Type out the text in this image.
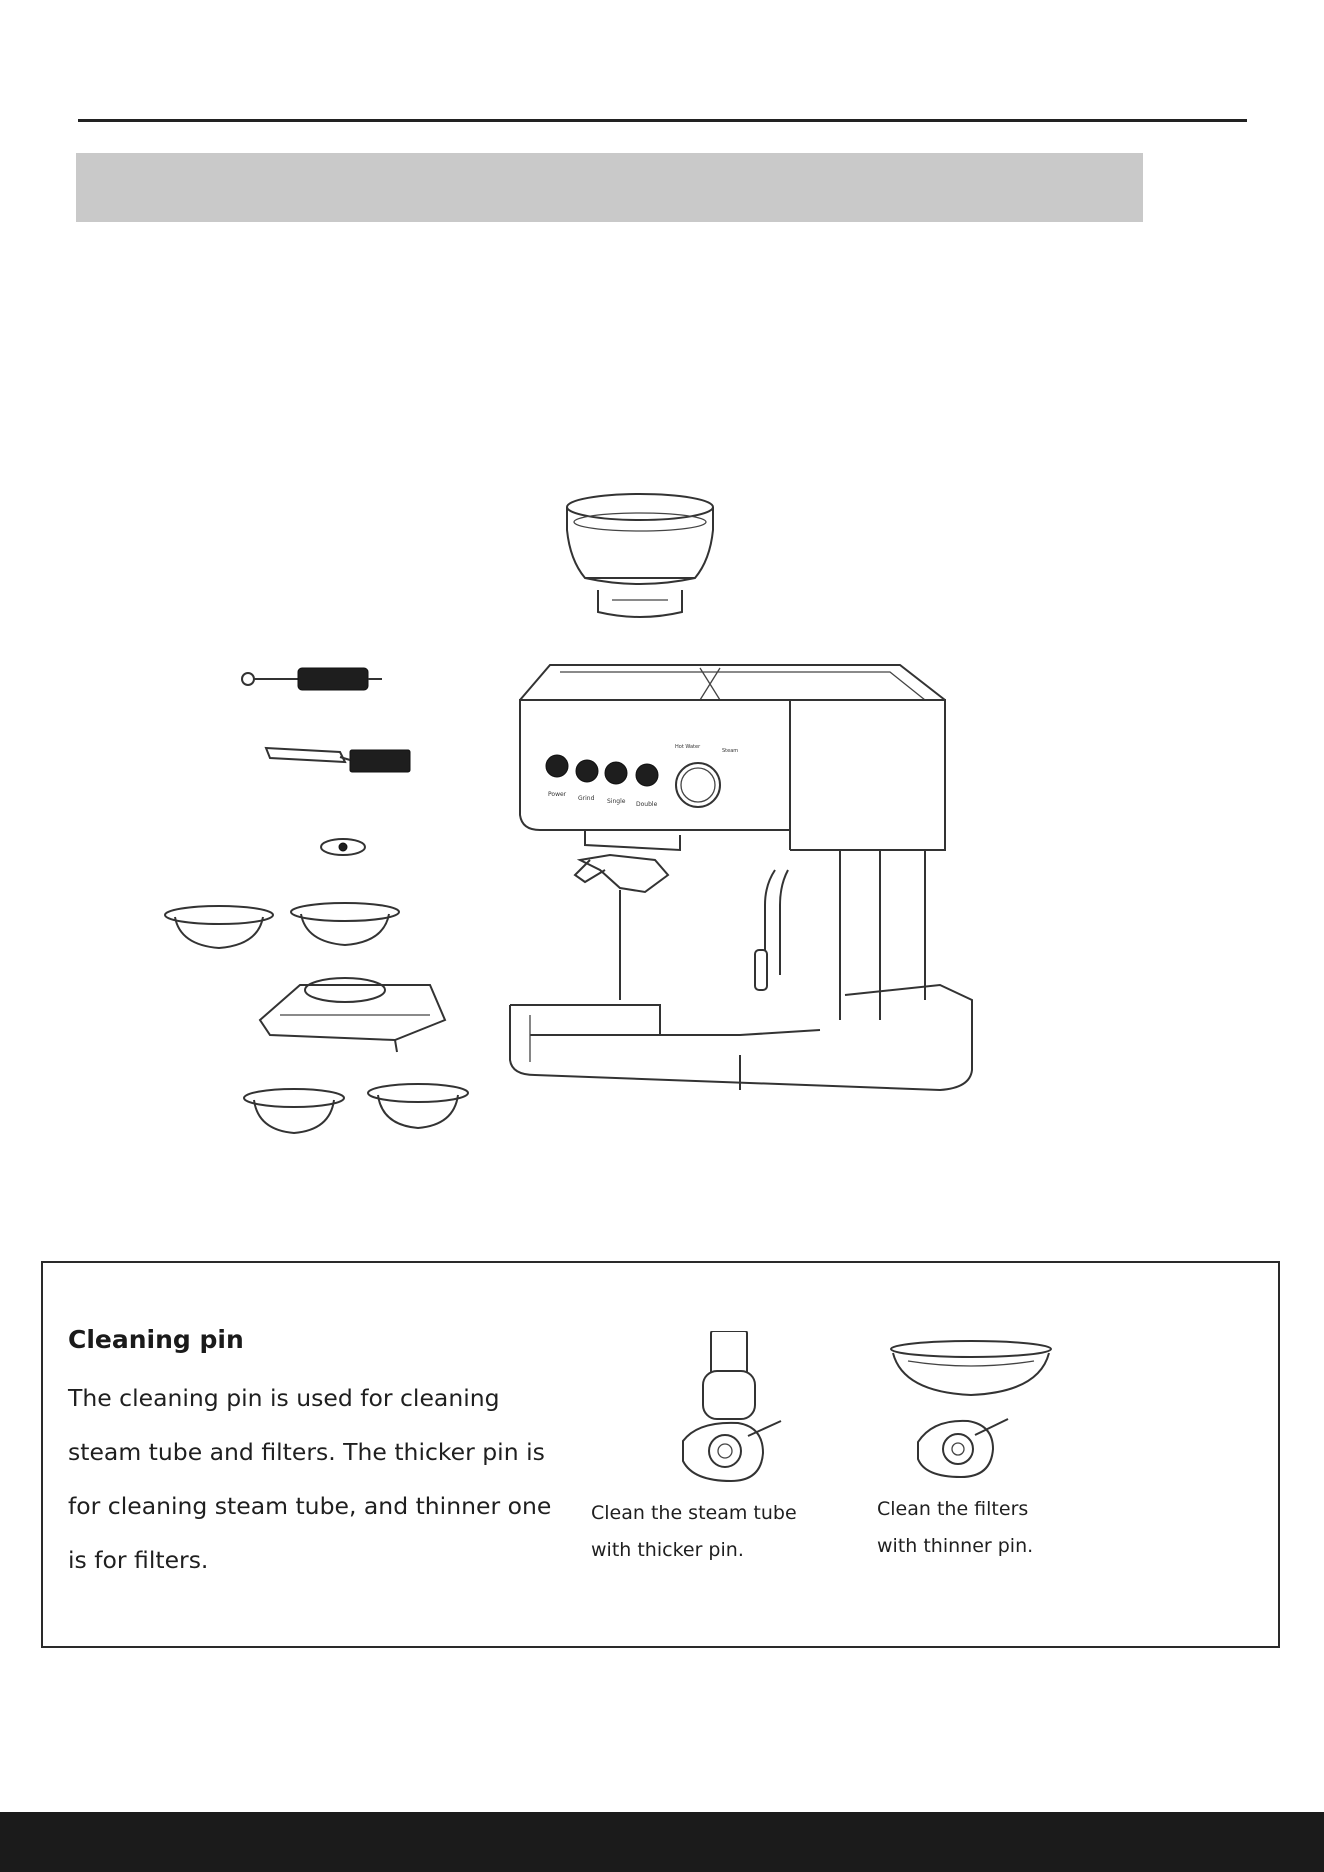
Power
Grind Single Double
Hot Water
Steam
Cleaning pin

The cleaning pin is used for cleaning steam tube and filters. The thicker pin is for cleaning steam tube, and thinner one is for filters.

Clean the steam tube
with thicker pin.

Clean the filters
with thinner pin.
